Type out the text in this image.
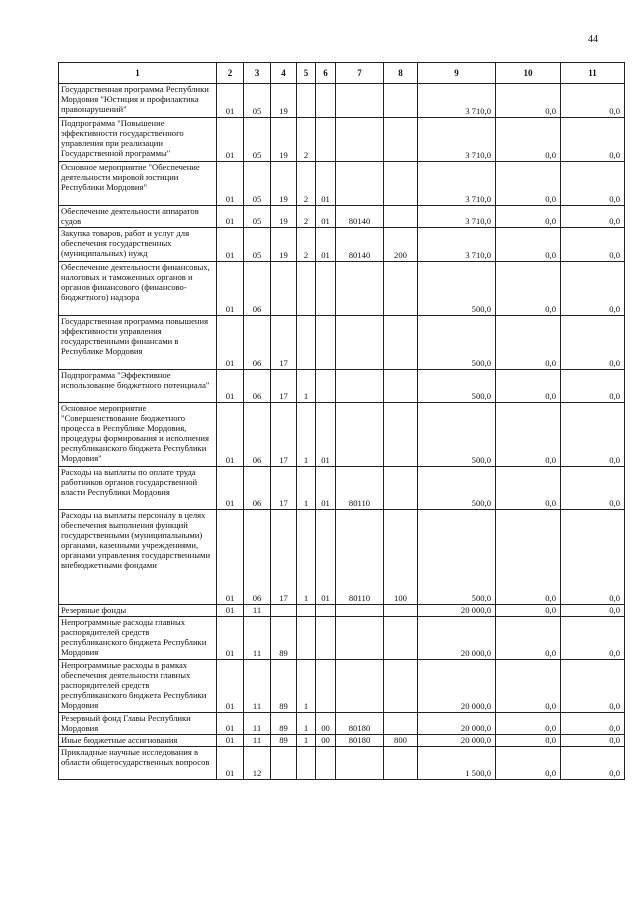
44
1	2	3	4	5	6	7	8	9	10	11
Государственная программа Республики Мордовия "Юстиция и профилактика правонарушений"	01	05	19					3 710,0	0,0	0,0
Подпрограмма "Повышение эффективности государственного управления при реализации Государственной программы"	01	05	19	2				3 710,0	0,0	0,0
Основное мероприятие "Обеспечение деятельности мировой юстиции Республики Мордовия"	01	05	19	2	01			3 710,0	0,0	0,0
Обеспечение деятельности аппаратов судов	01	05	19	2	01	80140		3 710,0	0,0	0,0
Закупка товаров, работ и услуг для обеспечения государственных (муниципальных) нужд	01	05	19	2	01	80140	200	3 710,0	0,0	0,0
Обеспечение деятельности финансовых, налоговых и таможенных органов и органов финансового (финансово-бюджетного) надзора	01	06						500,0	0,0	0,0
Государственная программа повышения эффективности управления государственными финансами в Республике Мордовия	01	06	17					500,0	0,0	0,0
Подпрограмма "Эффективное использование бюджетного потенциала"	01	06	17	1				500,0	0,0	0,0
Основное мероприятие "Совершенствование бюджетного процесса в Республике Мордовия, процедуры формирования и исполнения республиканского бюджета Республики Мордовия"	01	06	17	1	01			500,0	0,0	0,0
Расходы на выплаты по оплате труда работников органов государственной власти Республики Мордовия	01	06	17	1	01	80110		500,0	0,0	0,0
Расходы на выплаты персоналу в целях обеспечения выполнения функций государственными (муниципальными) органами, казенными учреждениями, органами управления государственными внебюджетными фондами	01	06	17	1	01	80110	100	500,0	0,0	0,0
Резервные фонды	01	11						20 000,0	0,0	0,0
Непрограммные расходы главных распорядителей средств республиканского бюджета Республики Мордовия	01	11	89					20 000,0	0,0	0,0
Непрограммные расходы в рамках обеспечения деятельности главных распорядителей средств республиканского бюджета Республики Мордовия	01	11	89	1				20 000,0	0,0	0,0
Резервный фонд Главы Республики Мордовия	01	11	89	1	00	80180		20 000,0	0,0	0,0
Иные бюджетные ассигнования	01	11	89	1	00	80180	800	20 000,0	0,0	0,0
Прикладные научные исследования в области общегосударственных вопросов	01	12						1 500,0	0,0	0,0
